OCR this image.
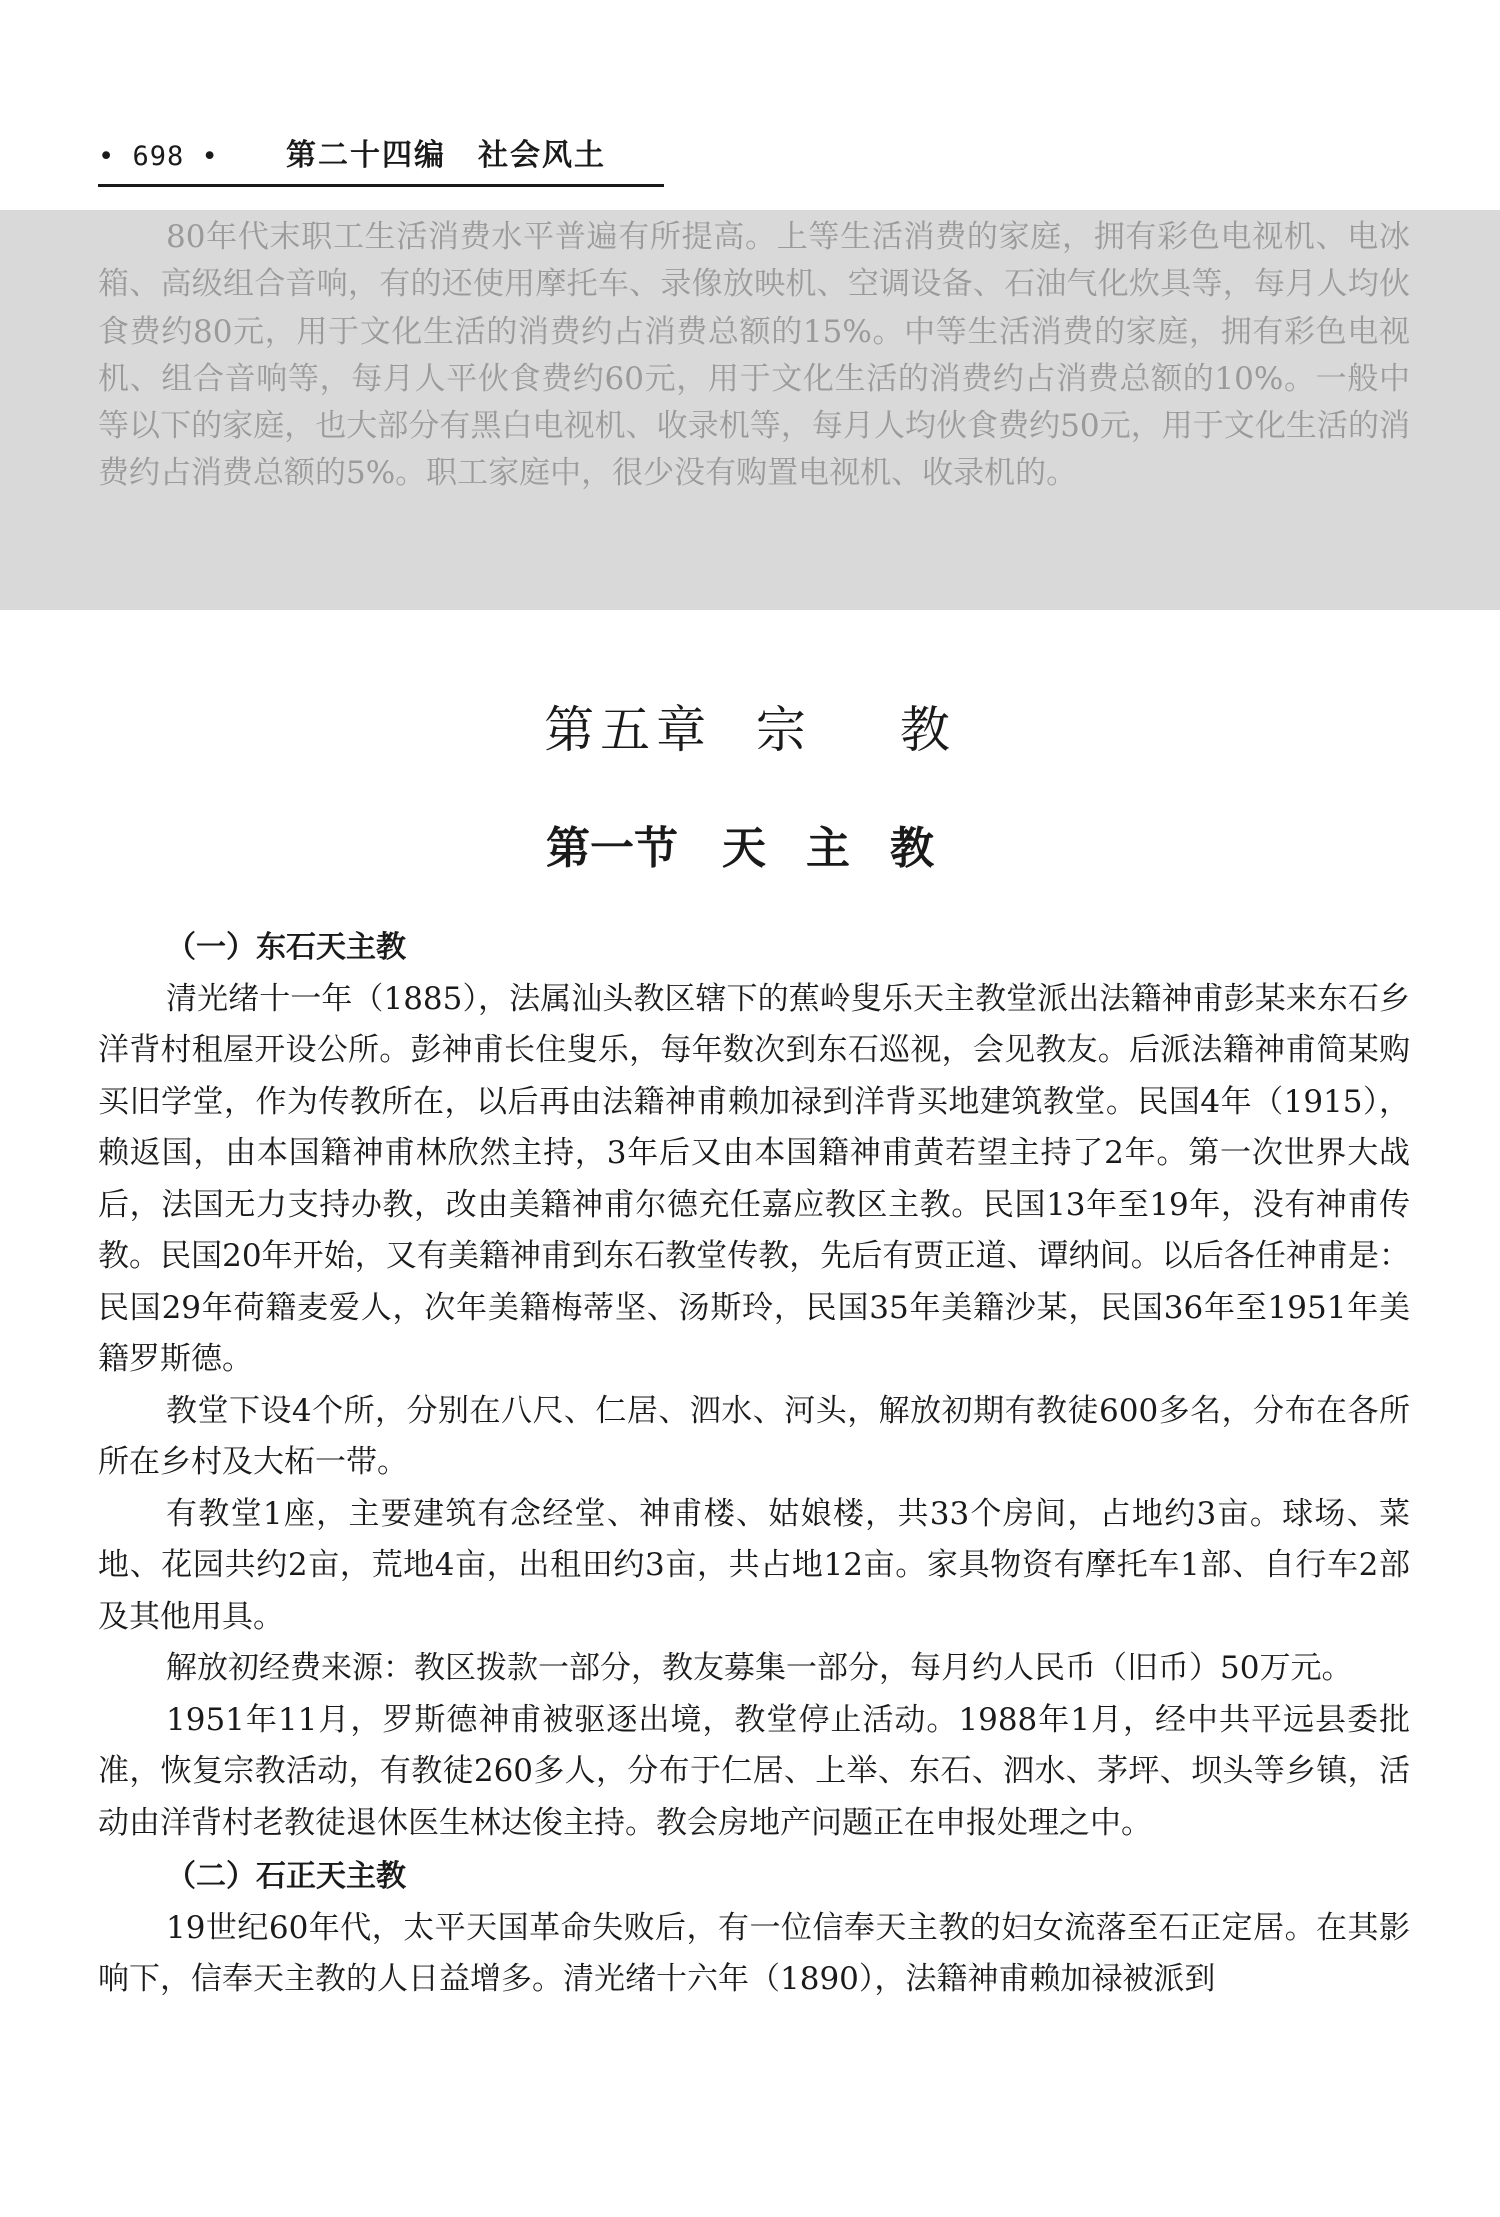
• 698 •	第二十四编　社会风土

80年代末职工生活消费水平普遍有所提高。上等生活消费的家庭，拥有彩色电视机、电冰箱、高级组合音响，有的还使用摩托车、录像放映机、空调设备、石油气化炊具等，每月人均伙食费约80元，用于文化生活的消费约占消费总额的15%。中等生活消费的家庭，拥有彩色电视机、组合音响等，每月人平伙食费约60元，用于文化生活的消费约占消费总额的10%。一般中等以下的家庭，也大部分有黑白电视机、收录机等，每月人均伙食费约50元，用于文化生活的消费约占消费总额的5%。职工家庭中，很少没有购置电视机、收录机的。

第五章 宗 教
第一节 天 主 教
（一）东石天主教

清光绪十一年（1885），法属汕头教区辖下的蕉岭叟乐天主教堂派出法籍神甫彭某来东石乡洋背村租屋开设公所。彭神甫长住叟乐，每年数次到东石巡视，会见教友。后派法籍神甫简某购买旧学堂，作为传教所在，以后再由法籍神甫赖加禄到洋背买地建筑教堂。民国4年（1915），赖返国，由本国籍神甫林欣然主持，3年后又由本国籍神甫黄若望主持了2年。第一次世界大战后，法国无力支持办教，改由美籍神甫尔德充任嘉应教区主教。民国13年至19年，没有神甫传教。民国20年开始，又有美籍神甫到东石教堂传教，先后有贾正道、谭纳间。以后各任神甫是：民国29年荷籍麦爱人，次年美籍梅蒂坚、汤斯玲，民国35年美籍沙某，民国36年至1951年美籍罗斯德。

教堂下设4个所，分别在八尺、仁居、泗水、河头，解放初期有教徒600多名，分布在各所所在乡村及大柘一带。

有教堂1座，主要建筑有念经堂、神甫楼、姑娘楼，共33个房间，占地约3亩。球场、菜地、花园共约2亩，荒地4亩，出租田约3亩，共占地12亩。家具物资有摩托车1部、自行车2部及其他用具。

解放初经费来源：教区拨款一部分，教友募集一部分，每月约人民币（旧币）50万元。

1951年11月，罗斯德神甫被驱逐出境，教堂停止活动。1988年1月，经中共平远县委批准，恢复宗教活动，有教徒260多人，分布于仁居、上举、东石、泗水、茅坪、坝头等乡镇，活动由洋背村老教徒退休医生林达俊主持。教会房地产问题正在申报处理之中。

（二）石正天主教

19世纪60年代，太平天国革命失败后，有一位信奉天主教的妇女流落至石正定居。在其影响下，信奉天主教的人日益增多。清光绪十六年（1890），法籍神甫赖加禄被派到
